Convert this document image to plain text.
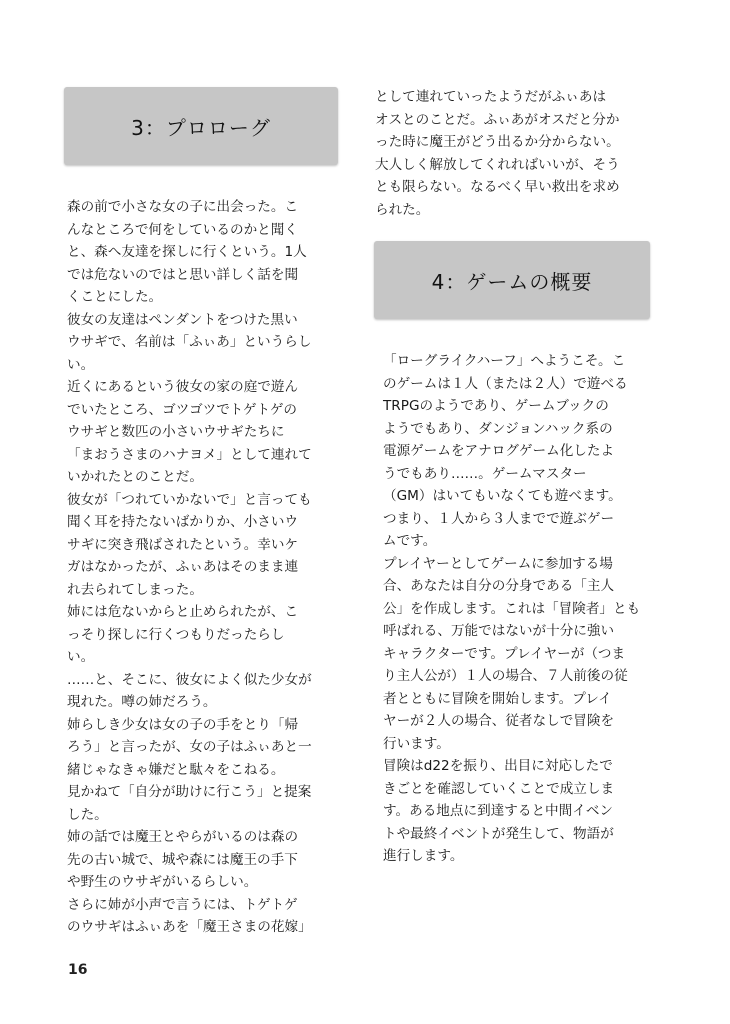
3：プロローグ

森の前で小さな女の子に出会った。こ
んなところで何をしているのかと聞く
と、森へ友達を探しに行くという。1人
では危ないのではと思い詳しく話を聞
くことにした。

彼女の友達はペンダントをつけた黒い
ウサギで、名前は「ふぃあ」というらし
い。

近くにあるという彼女の家の庭で遊ん
でいたところ、ゴツゴツでトゲトゲの
ウサギと数匹の小さいウサギたちに
「まおうさまのハナヨメ」として連れて
いかれたとのことだ。

彼女が「つれていかないで」と言っても
聞く耳を持たないばかりか、小さいウ
サギに突き飛ばされたという。幸いケ
ガはなかったが、ふぃあはそのまま連
れ去られてしまった。

姉には危ないからと止められたが、こ
っそり探しに行くつもりだったらし
い。

……と、そこに、彼女によく似た少女が
現れた。噂の姉だろう。

姉らしき少女は女の子の手をとり「帰
ろう」と言ったが、女の子はふぃあと一
緒じゃなきゃ嫌だと駄々をこねる。

見かねて「自分が助けに行こう」と提案
した。

姉の話では魔王とやらがいるのは森の
先の古い城で、城や森には魔王の手下
や野生のウサギがいるらしい。

さらに姉が小声で言うには、トゲトゲ
のウサギはふぃあを「魔王さまの花嫁」

として連れていったようだがふぃあは
オスとのことだ。ふぃあがオスだと分か
った時に魔王がどう出るか分からない。
大人しく解放してくれればいいが、そう
とも限らない。なるべく早い救出を求め
られた。

4：ゲームの概要

「ローグライクハーフ」へようこそ。こ
のゲームは１人（または２人）で遊べる
TRPGのようであり、ゲームブックの
ようでもあり、ダンジョンハック系の
電源ゲームをアナログゲーム化したよ
うでもあり……。ゲームマスター
（GM）はいてもいなくても遊べます。
つまり、１人から３人までで遊ぶゲー
ムです。

プレイヤーとしてゲームに参加する場
合、あなたは自分の分身である「主人
公」を作成します。これは「冒険者」とも
呼ばれる、万能ではないが十分に強い
キャラクターです。プレイヤーが（つま
り主人公が）１人の場合、７人前後の従
者とともに冒険を開始します。プレイ
ヤーが２人の場合、従者なしで冒険を
行います。

冒険はd22を振り、出目に対応したで
きごとを確認していくことで成立しま
す。ある地点に到達すると中間イベン
トや最終イベントが発生して、物語が
進行します。

16
